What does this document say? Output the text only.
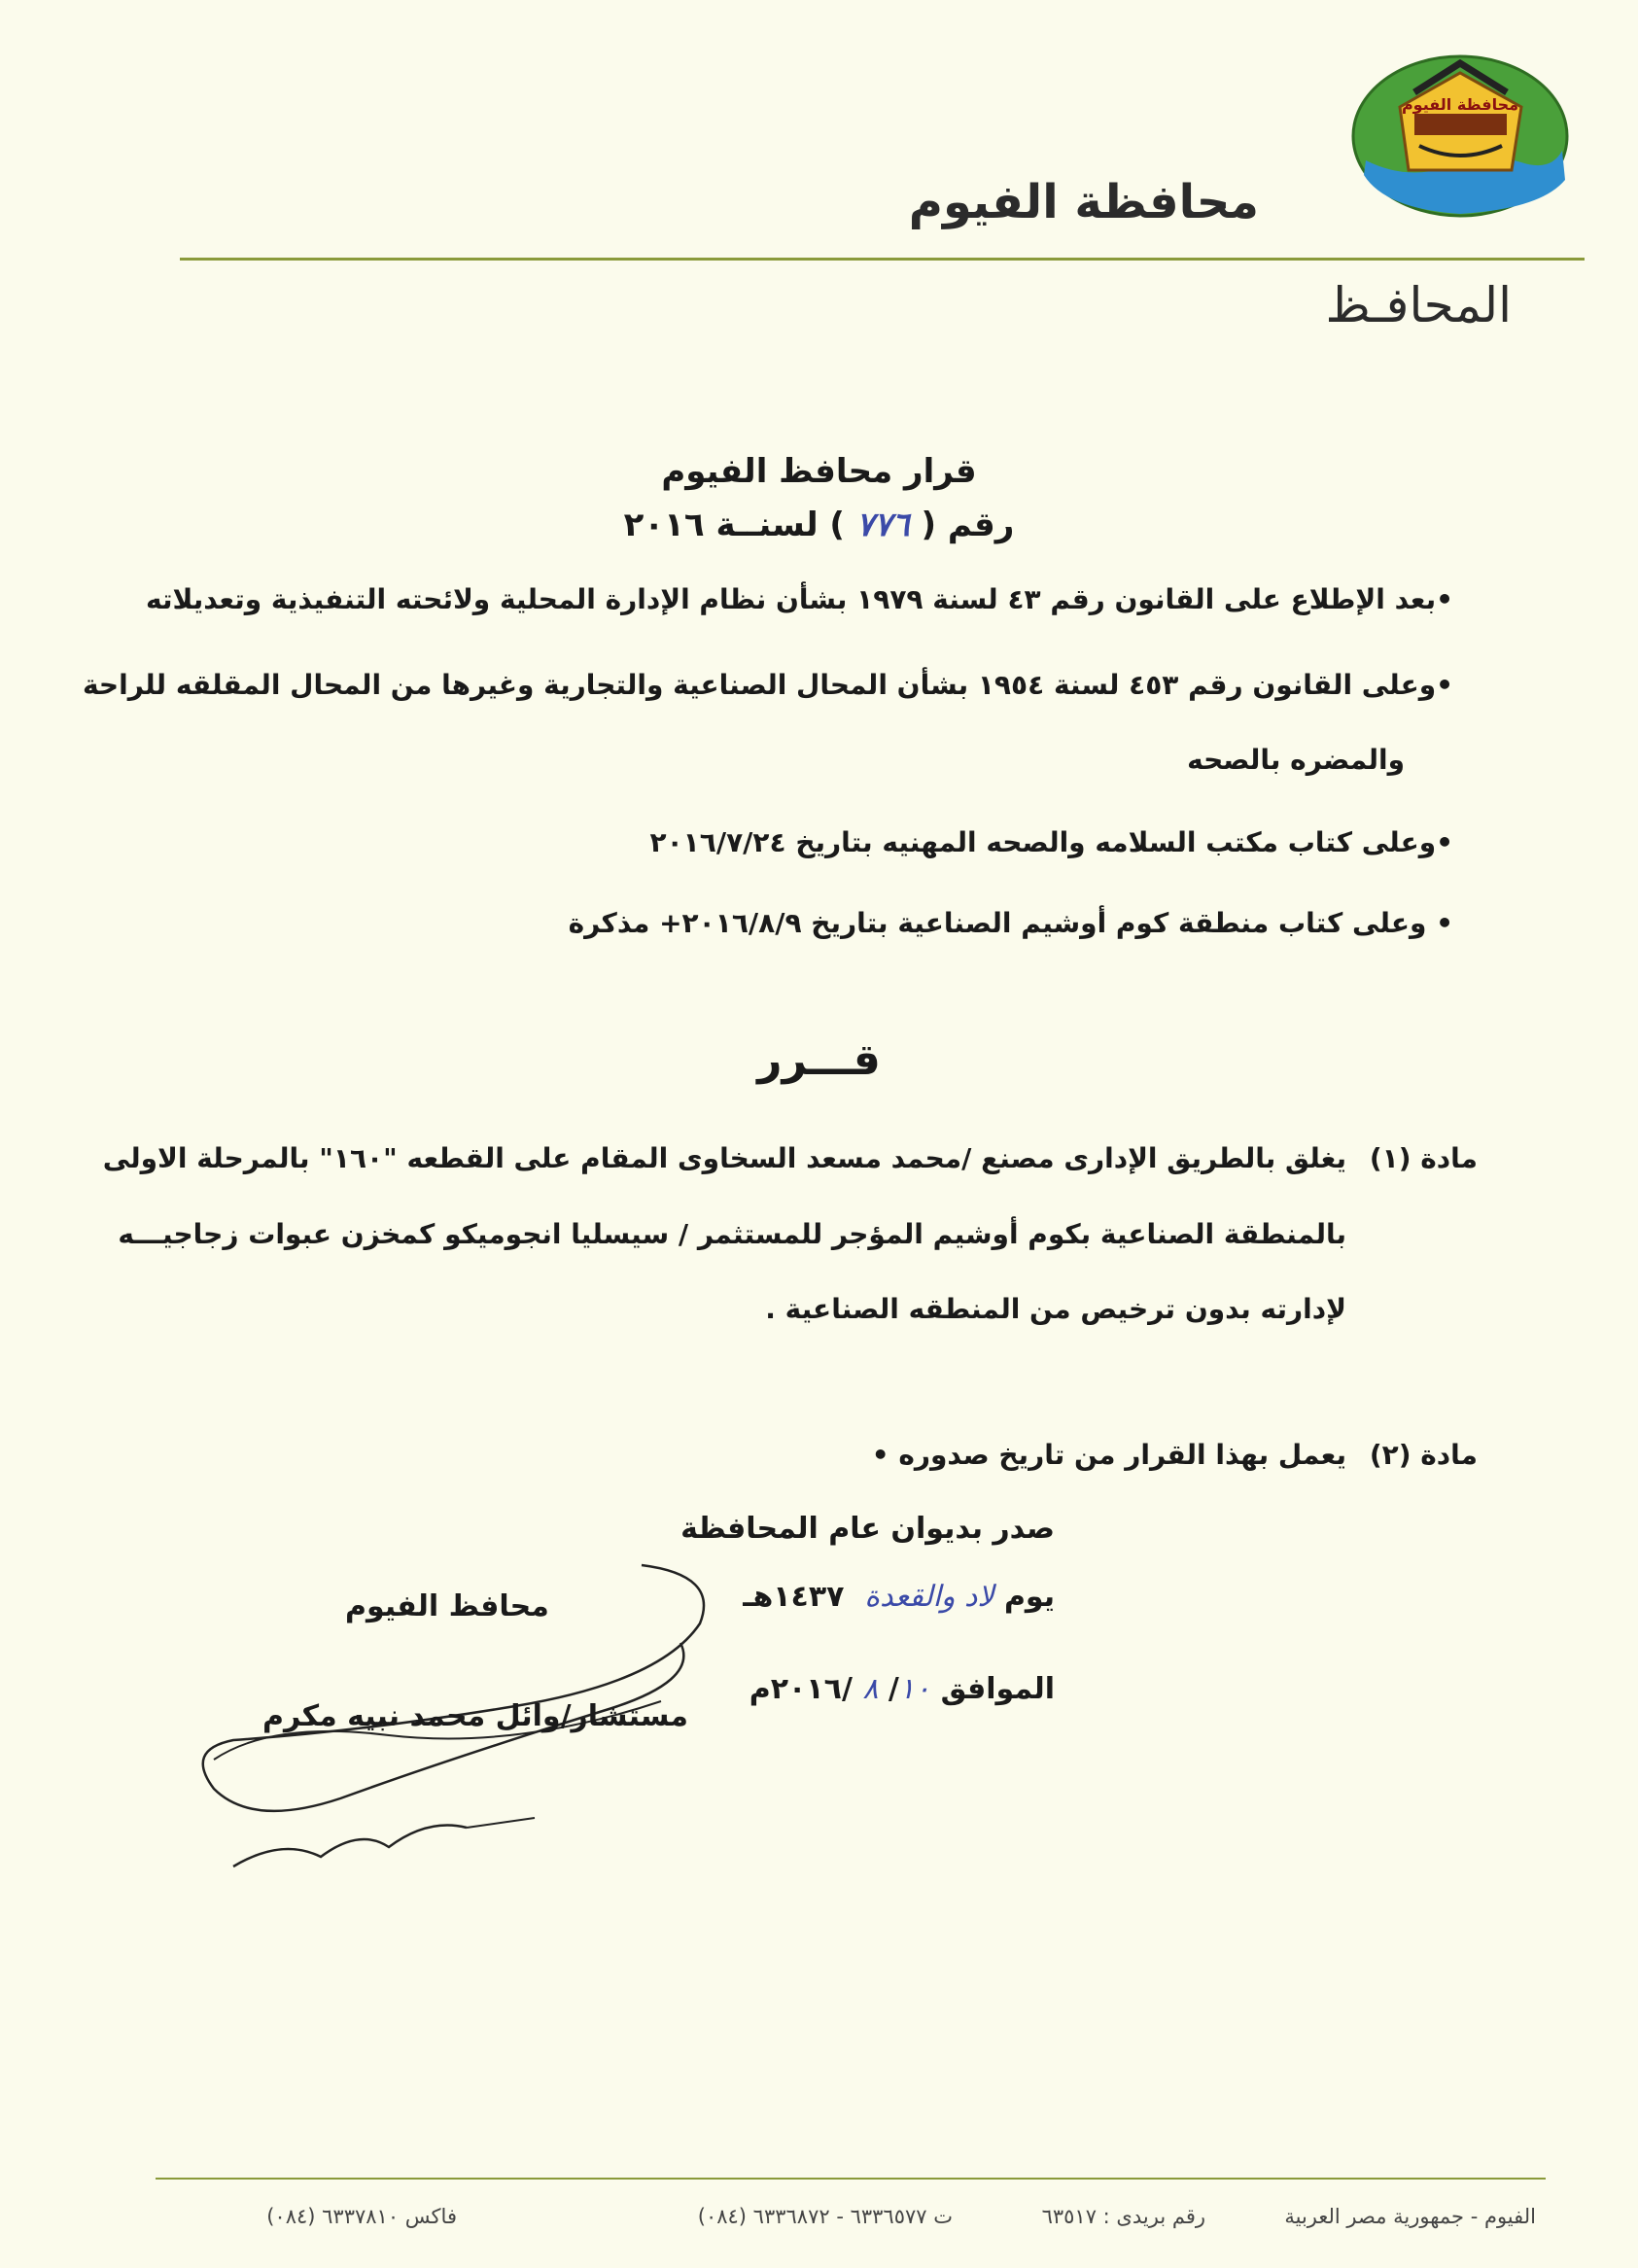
محافظة الفيوم
محافظة الفيوم
المحافـظ
قرار محافظ الفيوم
رقم ( ٧٧٦ ) لسنــة ٢٠١٦
•بعد الإطلاع على القانون رقم ٤٣ لسنة ١٩٧٩ بشأن نظام الإدارة المحلية ولائحته التنفيذية وتعديلاته
•وعلى القانون رقم ٤٥٣ لسنة ١٩٥٤ بشأن المحال الصناعية والتجارية وغيرها من المحال المقلقه للراحة
والمضره بالصحه
•وعلى كتاب مكتب السلامه والصحه المهنيه بتاريخ ٢٠١٦/٧/٢٤
• وعلى كتاب منطقة كوم أوشيم الصناعية بتاريخ ٢٠١٦/٨/٩+ مذكرة
قـــرر
مادة (١)
يغلق بالطريق الإدارى مصنع /محمد مسعد السخاوى المقام على القطعه "١٦٠" بالمرحلة الاولى
بالمنطقة الصناعية بكوم أوشيم المؤجر للمستثمر / سيسليا انجوميكو كمخزن عبوات زجاجيـــه
لإدارته بدون ترخيص من المنطقه الصناعية .
مادة (٢)
يعمل بهذا القرار من تاريخ صدوره •
صدر بديوان عام المحافظة
يوم لاد والقعدة  ١٤٣٧هـ
الموافق ١٠/ ٨ /٢٠١٦م
محافظ الفيوم
مستشار/وائل محمد نبيه مكرم
الفيوم - جمهورية مصر العربية
رقم بريدى : ٦٣٥١٧
ت ٦٣٣٦٥٧٧ - ٦٣٣٦٨٧٢ (٠٨٤)
فاكس ٦٣٣٧٨١٠ (٠٨٤)
